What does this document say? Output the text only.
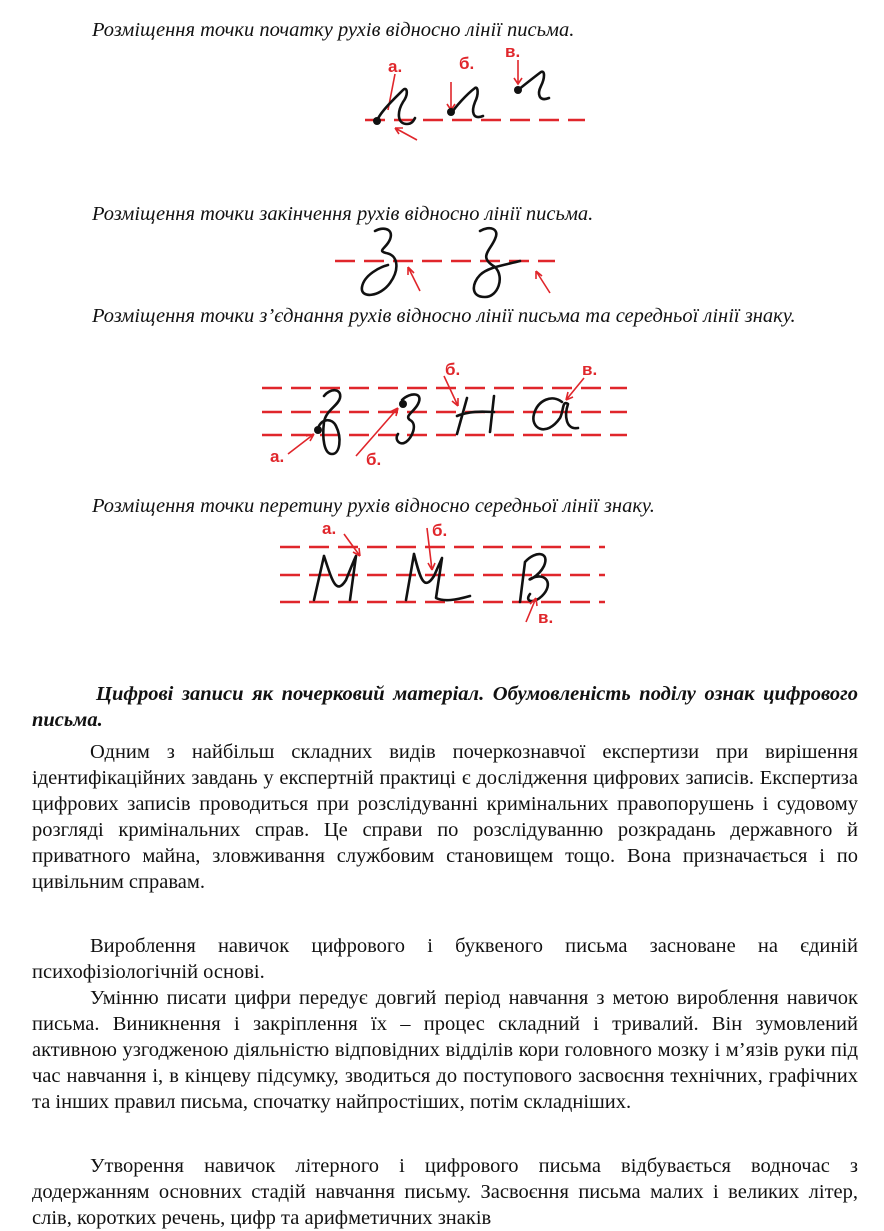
Розміщення точки початку рухів відносно лінії письма.

а.	б.
в.

Розміщення точки закінчення рухів відносно лінії письма.

Розміщення точки з’єднання рухів відносно лінії письма та середньої лінії знаку.

б.	в.
а.	б.

Розміщення точки перетину рухів відносно середньої лінії знаку.

а.	б.
в.

Цифрові записи як почерковий матеріал. Обумовленість поділу ознак цифрового письма.

Одним з найбільш складних видів почеркознавчої експертизи при вирішення ідентифікаційних завдань у експертній практиці є дослідження цифрових записів. Експертиза цифрових записів проводиться при розслідуванні кримінальних правопорушень і судовому розгляді кримінальних справ. Це справи по розслідуванню розкрадань державного й приватного майна, зловживання службовим становищем тощо. Вона призначається і по цивільним справам.

Вироблення навичок цифрового і буквеного письма засноване на єдиній психофізіологічній основі.

Умінню писати цифри передує довгий період навчання з метою вироблення навичок письма. Виникнення і закріплення їх – процес складний і тривалий. Він зумовлений активною узгодженою діяльністю відповідних відділів кори головного мозку і м’язів руки під час навчання і, в кінцеву підсумку, зводиться до поступового засвоєння технічних, графічних та інших правил письма, спочатку найпростіших, потім складніших.

Утворення навичок літерного і цифрового письма відбувається водночас з додержанням основних стадій навчання письму. Засвоєння письма малих і великих літер, слів, коротких речень, цифр та арифметичних знаків
